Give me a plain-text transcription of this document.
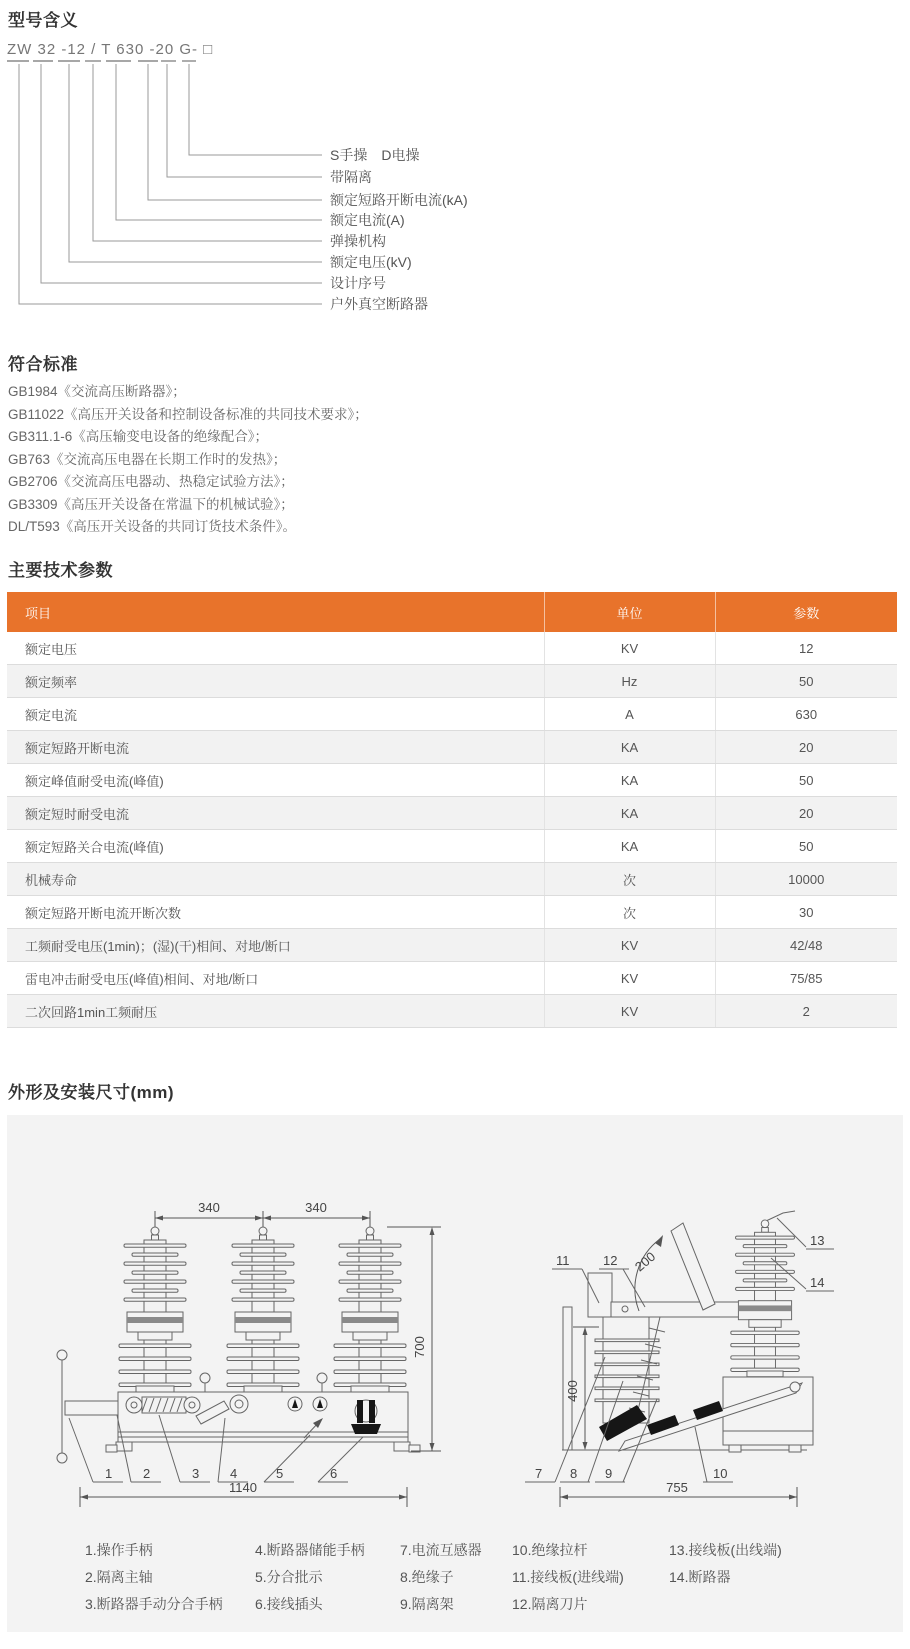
型号含义
ZW 32 -12 / T 630 -20 G- □
S手操　D电操
带隔离
额定短路开断电流(kA)
额定电流(A)
弹操机构
额定电压(kV)
设计序号
户外真空断路器
符合标准
GB1984《交流高压断路器》；
GB11022《高压开关设备和控制设备标准的共同技术要求》；
GB311.1-6《高压输变电设备的绝缘配合》；
GB763《交流高压电器在长期工作时的发热》；
GB2706《交流高压电器动、热稳定试验方法》；
GB3309《高压开关设备在常温下的机械试验》；
DL/T593《高压开关设备的共同订货技术条件》。
主要技术参数
项目	单位	参数
额定电压	KV	12
额定频率	Hz	50
额定电流	A	630
额定短路开断电流	KA	20
额定峰值耐受电流(峰值)	KA	50
额定短时耐受电流	KA	20
额定短路关合电流(峰值)	KA	50
机械寿命	次	10000
额定短路开断电流开断次数	次	30
工频耐受电压(1min)；(湿)(干)相间、对地/断口	KV	42/48
雷电冲击耐受电压(峰值)相间、对地/断口	KV	75/85
二次回路1min工频耐压	KV	2
外形及安装尺寸(mm)
340	340
1 2	3 4	5	6
1140
700
200
11	12
13
14
400
7 8 9	10
755
1.操作手柄
2.隔离主轴
3.断路器手动分合手柄
4.断路器储能手柄
5.分合批示
6.接线插头
7.电流互感器
8.绝缘子
9.隔离架
10.绝缘拉杆
11.接线板(进线端)
12.隔离刀片
13.接线板(出线端)
14.断路器
